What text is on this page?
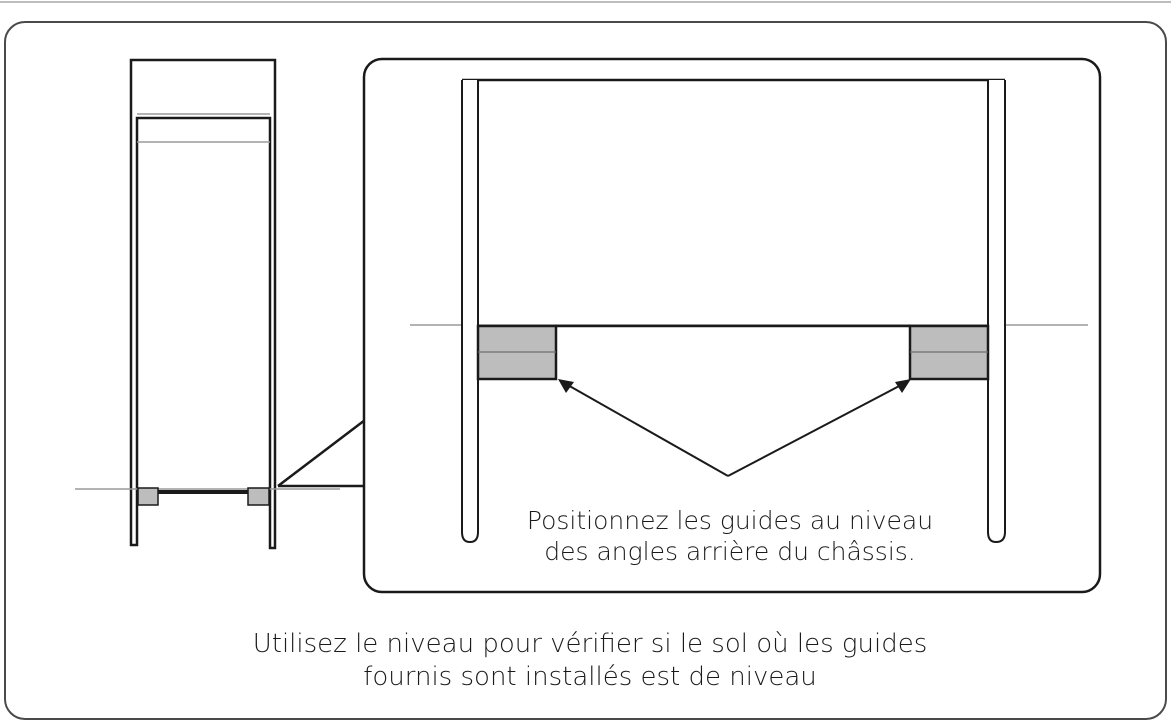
Positionnez les guides au niveau
des angles arrière du châssis.
Utilisez le niveau pour vérifier si le sol où les guides
fournis sont installés est de niveau
